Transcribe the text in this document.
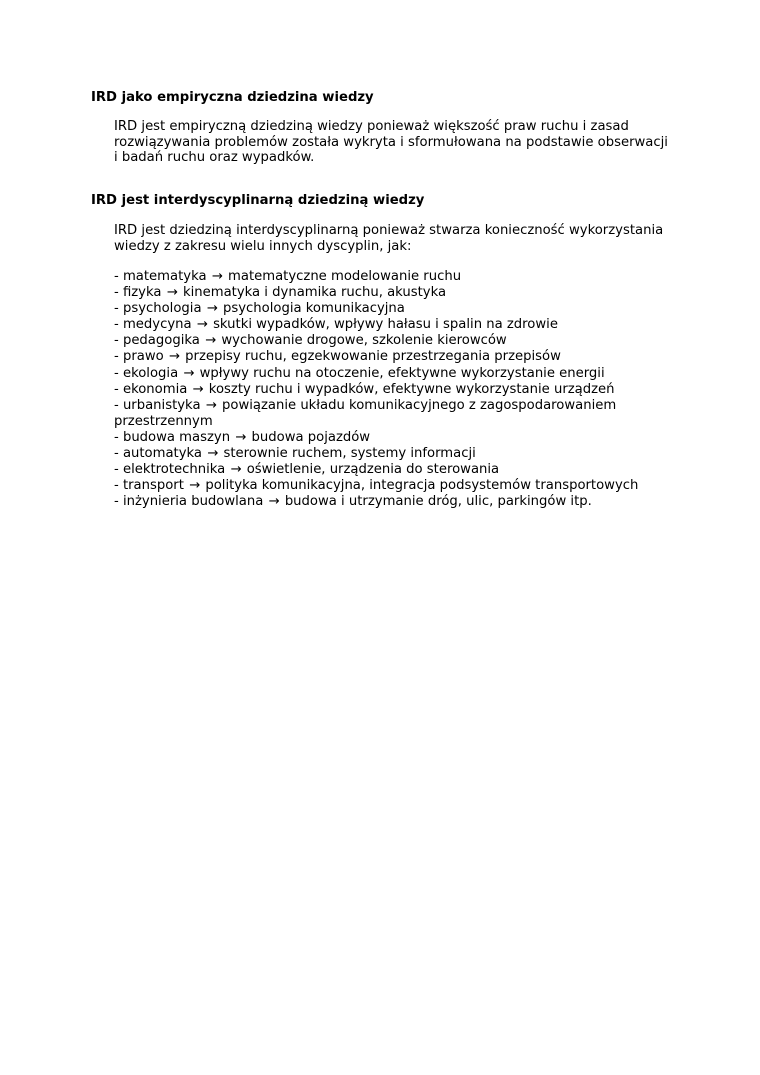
IRD jako empiryczna dziedzina wiedzy

IRD jest empiryczną dziedziną wiedzy ponieważ większość praw ruchu i zasad rozwiązywania problemów została wykryta i sformułowana na podstawie obserwacji i badań ruchu oraz wypadków.

IRD jest interdyscyplinarną dziedziną wiedzy

IRD jest dziedziną interdyscyplinarną ponieważ stwarza konieczność wykorzystania wiedzy z zakresu wielu innych dyscyplin, jak:

- matematyka → matematyczne modelowanie ruchu
- fizyka → kinematyka i dynamika ruchu, akustyka
- psychologia → psychologia komunikacyjna
- medycyna → skutki wypadków, wpływy hałasu i spalin na zdrowie
- pedagogika → wychowanie drogowe, szkolenie kierowców
- prawo → przepisy ruchu, egzekwowanie przestrzegania przepisów
- ekologia → wpływy ruchu na otoczenie, efektywne wykorzystanie energii
- ekonomia → koszty ruchu i wypadków, efektywne wykorzystanie urządzeń
- urbanistyka → powiązanie układu komunikacyjnego z zagospodarowaniem przestrzennym
- budowa maszyn → budowa pojazdów
- automatyka → sterownie ruchem, systemy informacji
- elektrotechnika → oświetlenie, urządzenia do sterowania
- transport → polityka komunikacyjna, integracja podsystemów transportowych
- inżynieria budowlana → budowa i utrzymanie dróg, ulic, parkingów itp.
